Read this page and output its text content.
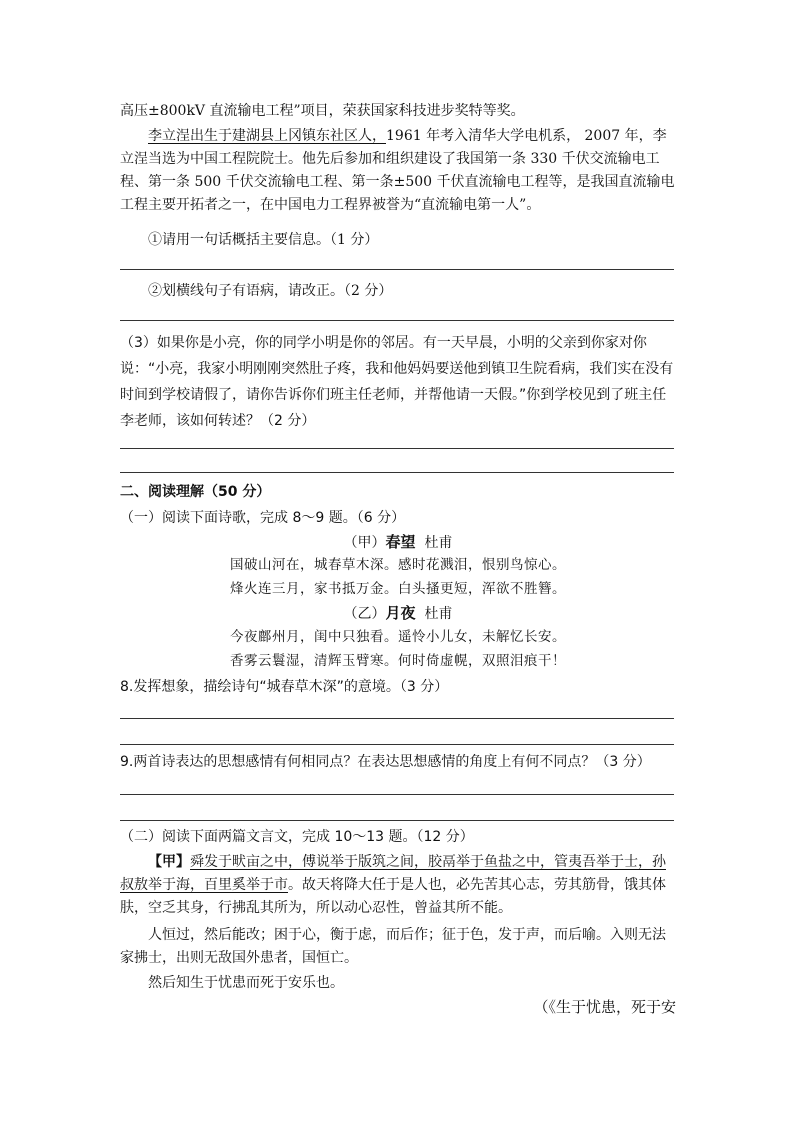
高压±800kV 直流输电工程”项目，荣获国家科技进步奖特等奖。

李立浧出生于建湖县上冈镇东社区人，1961 年考入清华大学电机系， 2007 年，李立浧当选为中国工程院院士。他先后参加和组织建设了我国第一条 330 千伏交流输电工程、第一条 500 千伏交流输电工程、第一条±500 千伏直流输电工程等，是我国直流输电工程主要开拓者之一，在中国电力工程界被誉为“直流输电第一人”。

①请用一句话概括主要信息。（1 分）

②划横线句子有语病，请改正。（2 分）

（3）如果你是小亮，你的同学小明是你的邻居。有一天早晨，小明的父亲到你家对你说：“小亮，我家小明刚刚突然肚子疼，我和他妈妈要送他到镇卫生院看病，我们实在没有时间到学校请假了，请你告诉你们班主任老师，并帮他请一天假。”你到学校见到了班主任李老师，该如何转述？（2 分）

二、阅读理解（50 分）

（一）阅读下面诗歌，完成 8～9 题。（6 分）

（甲）春望 杜甫

国破山河在，城春草木深。感时花溅泪，恨别鸟惊心。

烽火连三月，家书抵万金。白头搔更短，浑欲不胜簪。

（乙）月夜 杜甫

今夜鄜州月，闺中只独看。遥怜小儿女，未解忆长安。

香雾云鬟湿，清辉玉臂寒。何时倚虚幌，双照泪痕干！

8.发挥想象，描绘诗句“城春草木深”的意境。（3 分）

9.两首诗表达的思想感情有何相同点？在表达思想感情的角度上有何不同点？（3 分）

（二）阅读下面两篇文言文，完成 10～13 题。（12 分）

【甲】舜发于畎亩之中，傅说举于版筑之间，胶鬲举于鱼盐之中，管夷吾举于士，孙叔敖举于海，百里奚举于市。故天将降大任于是人也，必先苦其心志，劳其筋骨，饿其体肤，空乏其身，行拂乱其所为，所以动心忍性，曾益其所不能。

人恒过，然后能改；困于心，衡于虑，而后作；征于色，发于声，而后喻。入则无法家拂士，出则无敌国外患者，国恒亡。

然后知生于忧患而死于安乐也。

（《生于忧患，死于安
